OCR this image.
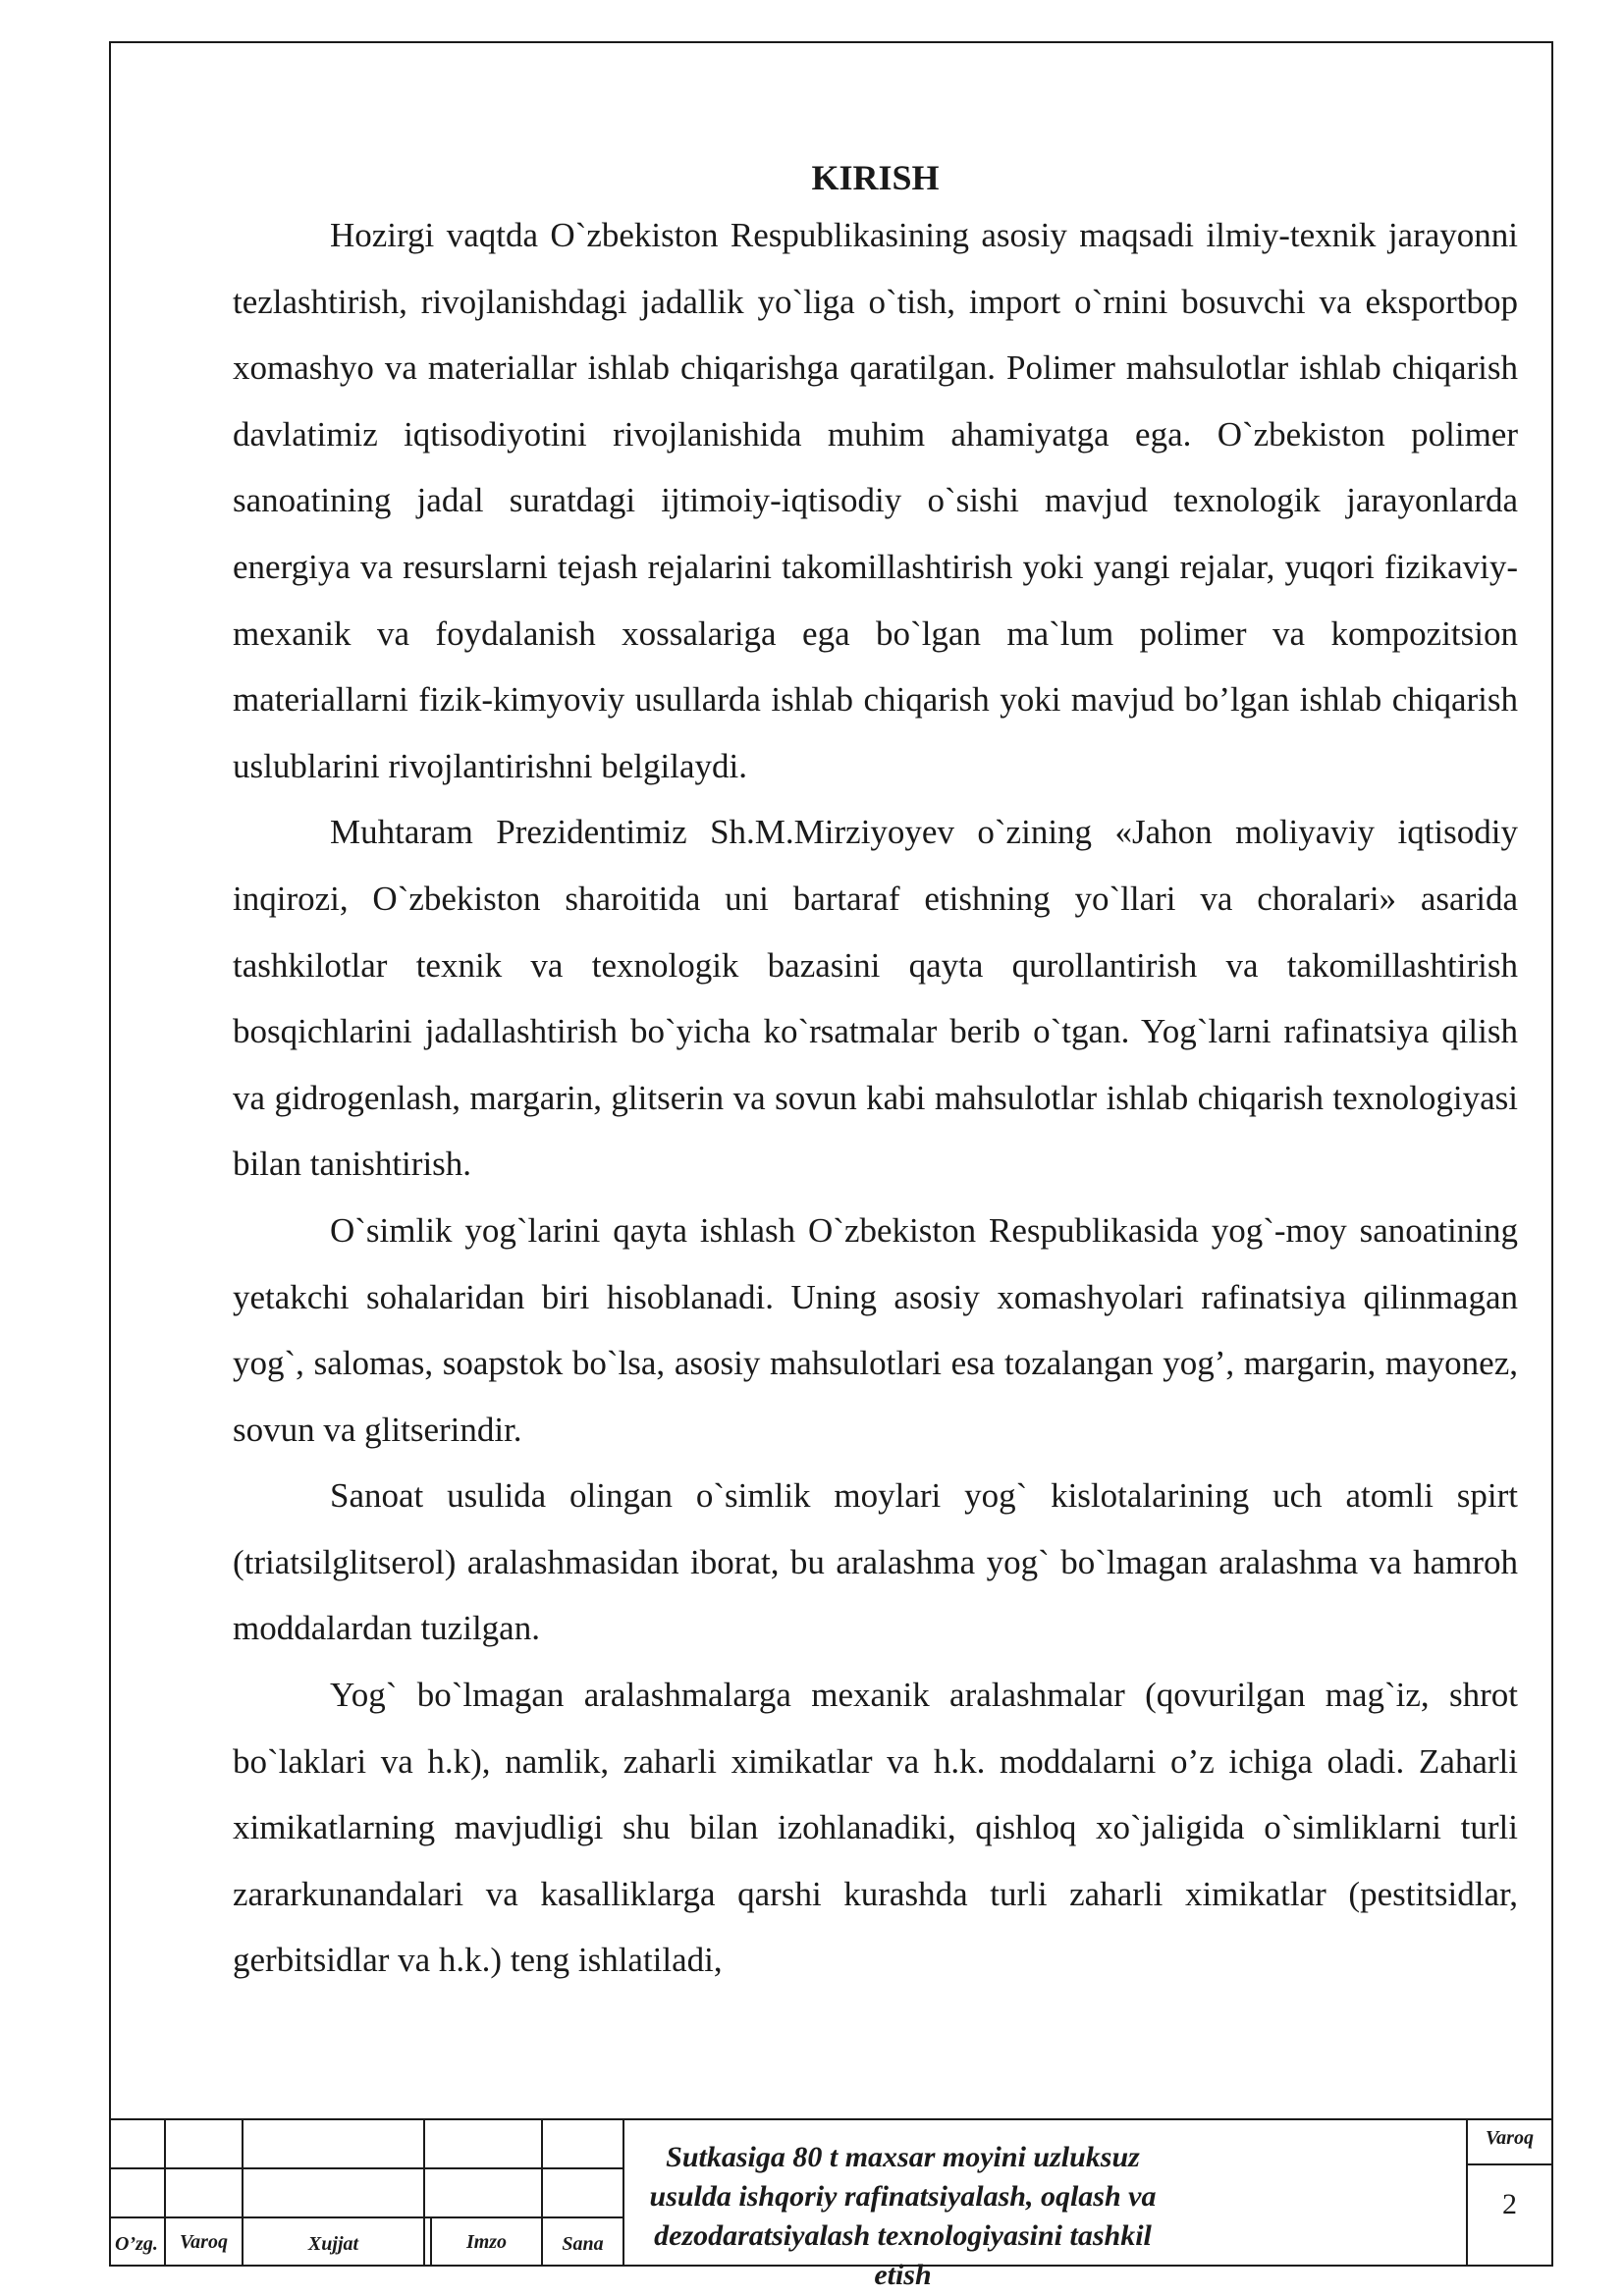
KIRISH

Hozirgi vaqtda O`zbekiston Respublikasining asosiy maqsadi ilmiy-texnik jarayonni tezlashtirish, rivojlanishdagi jadallik yo`liga o`tish, import o`rnini bosuvchi va eksportbop xomashyo va materiallar ishlab chiqarishga qaratilgan. Polimer mahsulotlar ishlab chiqarish davlatimiz iqtisodiyotini rivojlanishida muhim ahamiyatga ega. O`zbekiston polimer sanoatining jadal suratdagi ijtimoiy-iqtisodiy o`sishi mavjud texnologik jarayonlarda energiya va resurslarni tejash rejalarini takomillashtirish yoki yangi rejalar, yuqori fizikaviy-mexanik va foydalanish xossalariga ega bo`lgan ma`lum polimer va kompozitsion materiallarni fizik-kimyoviy usullarda ishlab chiqarish yoki mavjud bo’lgan ishlab chiqarish uslublarini rivojlantirishni belgilaydi.

Muhtaram Prezidentimiz Sh.M.Mirziyoyev o`zining «Jahon moliyaviy iqtisodiy inqirozi, O`zbekiston sharoitida uni bartaraf etishning yo`llari va choralari» asarida tashkilotlar texnik va texnologik bazasini qayta qurollantirish va takomillashtirish bosqichlarini jadallashtirish bo`yicha ko`rsatmalar berib o`tgan. Yog`larni rafinatsiya qilish va gidrogenlash, margarin, glitserin va sovun kabi mahsulotlar ishlab chiqarish texnologiyasi bilan tanishtirish.

O`simlik yog`larini qayta ishlash O`zbekiston Respublikasida yog`-moy sanoatining yetakchi sohalaridan biri hisoblanadi. Uning asosiy xomashyolari rafinatsiya qilinmagan yog`, salomas, soapstok bo`lsa, asosiy mahsulotlari esa tozalangan yog’, margarin, mayonez, sovun va glitserindir.

Sanoat usulida olingan o`simlik moylari yog` kislotalarining uch atomli spirt (triatsilglitserol) aralashmasidan iborat, bu aralashma yog` bo`lmagan aralashma va hamroh moddalardan tuzilgan.

Yog` bo`lmagan aralashmalarga mexanik aralashmalar (qovurilgan mag`iz, shrot bo`laklari va h.k), namlik, zaharli ximikatlar va h.k. moddalarni o’z ichiga oladi. Zaharli ximikatlarning mavjudligi shu bilan izohlanadiki, qishloq xo`jaligida o`simliklarni turli zararkunandalari va kasalliklarga qarshi kurashda turli zaharli ximikatlar (pestitsidlar, gerbitsidlar va h.k.) teng ishlatiladi,

O’zg.	Varoq	Xujjat	Imzo	Sana
Sutkasiga 80 t maxsar moyini uzluksuz usulda ishqoriy rafinatsiyalash, oqlash va dezodaratsiyalash texnologiyasini tashkil etish
Varoq
2
